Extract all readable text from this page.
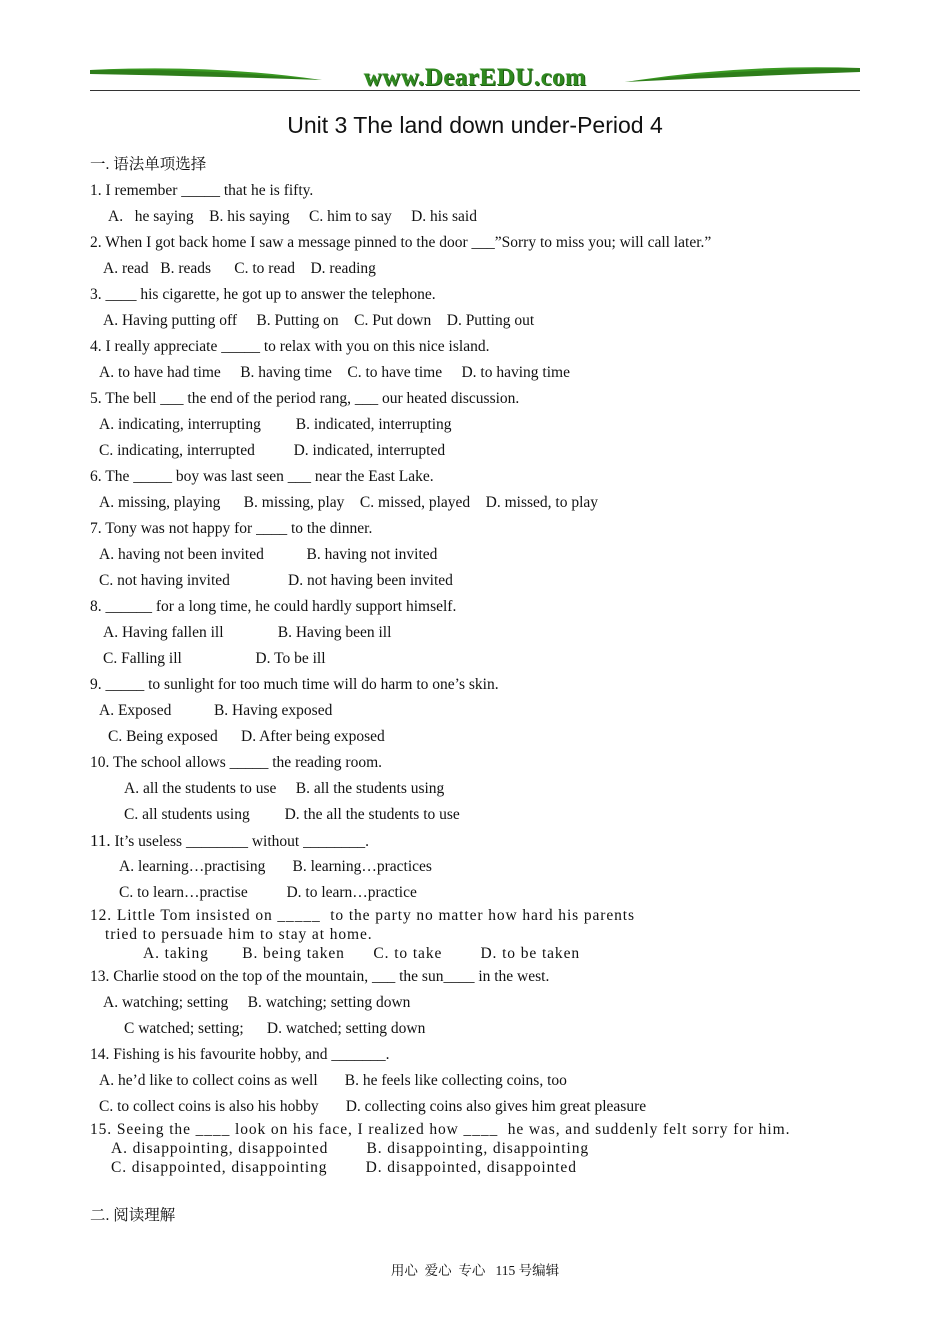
www.DearEDU.com
Unit 3 The land down under-Period 4
一. 语法单项选择
1. I remember _____ that he is fifty.
A.   he saying    B. his saying     C. him to say     D. his said
2. When I got back home I saw a message pinned to the door ___”Sorry to miss you; will call later.”
A. read   B. reads      C. to read    D. reading
3. ____ his cigarette, he got up to answer the telephone.
A. Having putting off     B. Putting on    C. Put down    D. Putting out
4. I really appreciate _____ to relax with you on this nice island.
A. to have had time     B. having time    C. to have time     D. to having time
5. The bell ___ the end of the period rang, ___ our heated discussion.
A. indicating, interrupting         B. indicated, interrupting
C. indicating, interrupted          D. indicated, interrupted
6. The _____ boy was last seen ___ near the East Lake.
A. missing, playing      B. missing, play    C. missed, played    D. missed, to play
7. Tony was not happy for ____ to the dinner.
A. having not been invited           B. having not invited
C. not having invited               D. not having been invited
8. ______ for a long time, he could hardly support himself.
A. Having fallen ill              B. Having been ill
C. Falling ill                   D. To be ill
9. _____ to sunlight for too much time will do harm to one’s skin.
A. Exposed           B. Having exposed
C. Being exposed      D. After being exposed
10. The school allows _____ the reading room.
A. all the students to use     B. all the students using
C. all students using         D. the all the students to use
11. It’s useless ________ without ________.
A. learning…practising       B. learning…practices
C. to learn…practise          D. to learn…practice
12. Little Tom insisted on _____  to the party no matter how hard his parents
tried to persuade him to stay at home.
A. taking       B. being taken      C. to take        D. to be taken
13. Charlie stood on the top of the mountain, ___ the sun____ in the west.
A. watching; setting     B. watching; setting down
C watched; setting;      D. watched; setting down
14. Fishing is his favourite hobby, and _______.
A. he’d like to collect coins as well       B. he feels like collecting coins, too
C. to collect coins is also his hobby       D. collecting coins also gives him great pleasure
15. Seeing the ____ look on his face, I realized how ____  he was, and suddenly felt sorry for him.
A. disappointing, disappointed        B. disappointing, disappointing
C. disappointed, disappointing        D. disappointed, disappointed
二. 阅读理解
用心  爱心  专心   115 号编辑
